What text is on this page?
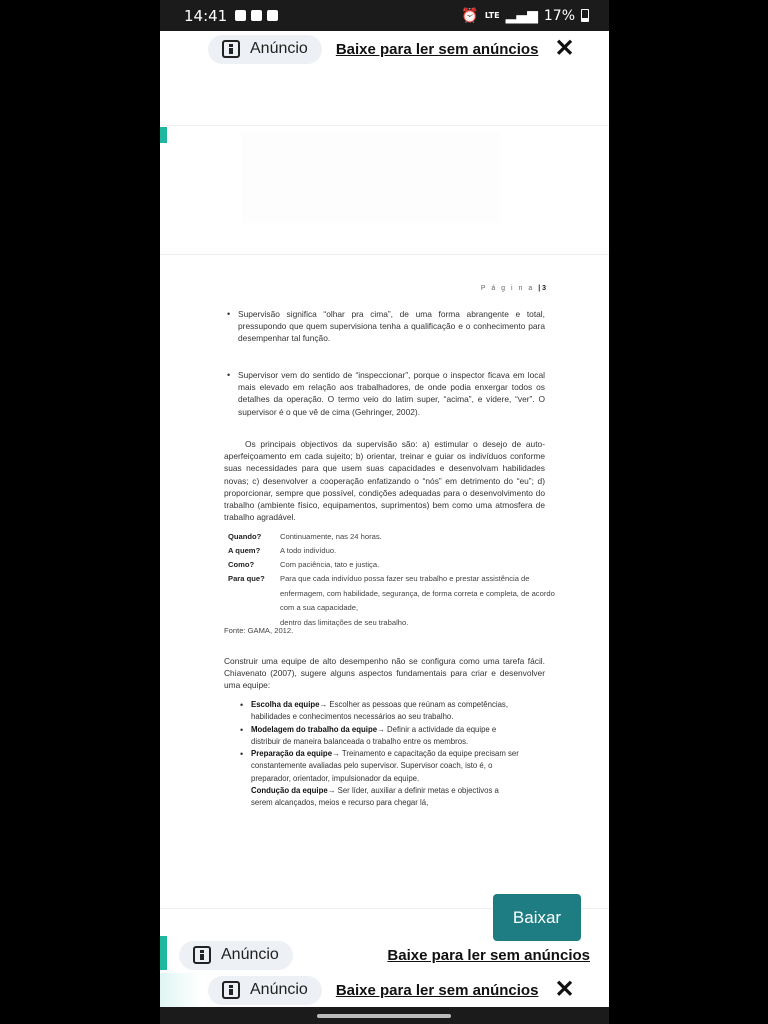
14:41	⏰ LTE ▂▄▆ 17%
Anúncio Baixe para ler sem anúncios ✕
P á g i n a | 3
• Supervisão significa “olhar pra cima”, de uma forma abrangente e total, pressupondo que quem supervisiona tenha a qualificação e o conhecimento para desempenhar tal função.
• Supervisor vem do sentido de “inspeccionar”, porque o inspector ficava em local mais elevado em relação aos trabalhadores, de onde podia enxergar todos os detalhes da operação. O termo veio do latim super, “acima”, e videre, “ver”. O supervisor é o que vê de cima (Gehringer, 2002).
Os principais objectivos da supervisão são: a) estimular o desejo de auto-aperfeiçoamento em cada sujeito; b) orientar, treinar e guiar os indivíduos conforme suas necessidades para que usem suas capacidades e desenvolvam habilidades novas; c) desenvolver a cooperação enfatizando o “nós” em detrimento do “eu”; d) proporcionar, sempre que possível, condições adequadas para o desenvolvimento do trabalho (ambiente físico, equipamentos, suprimentos) bem como uma atmosfera de trabalho agradável.
Quando?	Continuamente, nas 24 horas.
A quem?	A todo indivíduo.
Como?	Com paciência, tato e justiça.
Para que?	Para que cada indivíduo possa fazer seu trabalho e prestar assistência de enfermagem, com habilidade, segurança, de forma correta e completa, de acordo com a sua capacidade,
dentro das limitações de seu trabalho.
Fonte: GAMA, 2012.
Construir uma equipe de alto desempenho não se configura como uma tarefa fácil. Chiavenato (2007), sugere alguns aspectos fundamentais para criar e desenvolver uma equipe:
• Escolha da equipe→ Escolher as pessoas que reúnam as competências, habilidades e conhecimentos necessários ao seu trabalho.
• Modelagem do trabalho da equipe→ Definir a actividade da equipe e distribuir de maneira balanceada o trabalho entre os membros.
• Preparação da equipe→ Treinamento e capacitação da equipe precisam ser constantemente avaliadas pelo supervisor. Supervisor coach, isto é, o preparador, orientador, impulsionador da equipe.
Condução da equipe→ Ser líder, auxiliar a definir metas e objectivos a serem alcançados, meios e recurso para chegar lá,
Baixar
Anúncio	Baixe para ler sem anúncios
Anúncio Baixe para ler sem anúncios ✕
